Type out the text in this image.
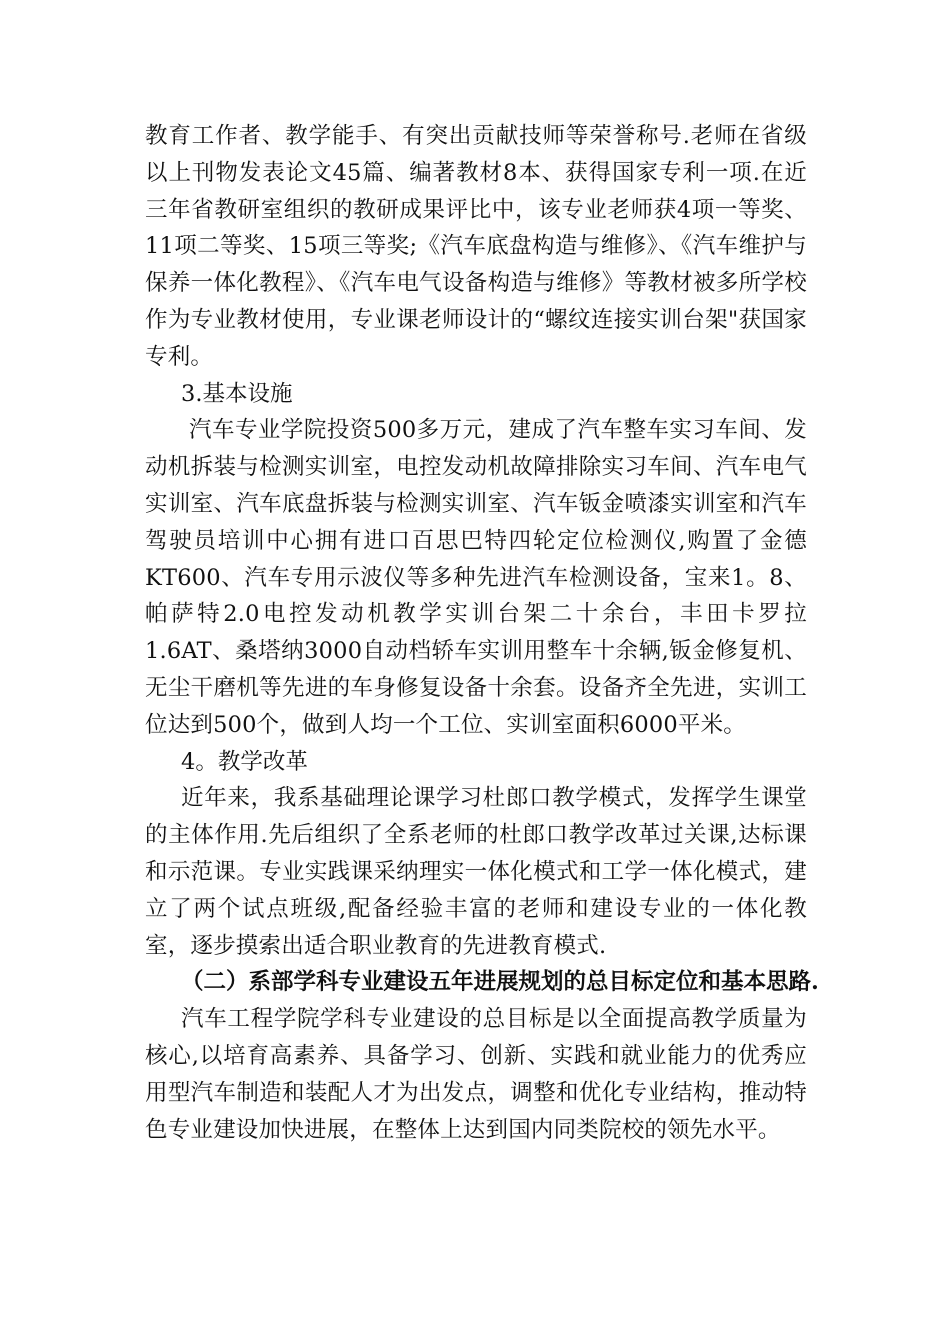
教育工作者、教学能手、有突出贡献技师等荣誉称号.老师在省级以上刊物发表论文45篇、编著教材8本、获得国家专利一项.在近三年省教研室组织的教研成果评比中，该专业老师获4项一等奖、11项二等奖、15项三等奖;《汽车底盘构造与维修》、《汽车维护与保养一体化教程》、《汽车电气设备构造与维修》等教材被多所学校作为专业教材使用，专业课老师设计的“螺纹连接实训台架"获国家专利。

3.基本设施

汽车专业学院投资500多万元，建成了汽车整车实习车间、发动机拆装与检测实训室，电控发动机故障排除实习车间、汽车电气实训室、汽车底盘拆装与检测实训室、汽车钣金喷漆实训室和汽车驾驶员培训中心拥有进口百思巴特四轮定位检测仪,购置了金德KT600、汽车专用示波仪等多种先进汽车检测设备，宝来1。8、帕萨特2.0电控发动机教学实训台架二十余台，丰田卡罗拉1.6AT、桑塔纳3000自动档轿车实训用整车十余辆,钣金修复机、无尘干磨机等先进的车身修复设备十余套。设备齐全先进，实训工位达到500个，做到人均一个工位、实训室面积6000平米。

4。教学改革

近年来，我系基础理论课学习杜郎口教学模式，发挥学生课堂的主体作用.先后组织了全系老师的杜郎口教学改革过关课,达标课和示范课。专业实践课采纳理实一体化模式和工学一体化模式，建立了两个试点班级,配备经验丰富的老师和建设专业的一体化教室，逐步摸索出适合职业教育的先进教育模式.

（二）系部学科专业建设五年进展规划的总目标定位和基本思路.

汽车工程学院学科专业建设的总目标是以全面提高教学质量为核心,以培育高素养、具备学习、创新、实践和就业能力的优秀应用型汽车制造和装配人才为出发点，调整和优化专业结构，推动特色专业建设加快进展，在整体上达到国内同类院校的领先水平。
